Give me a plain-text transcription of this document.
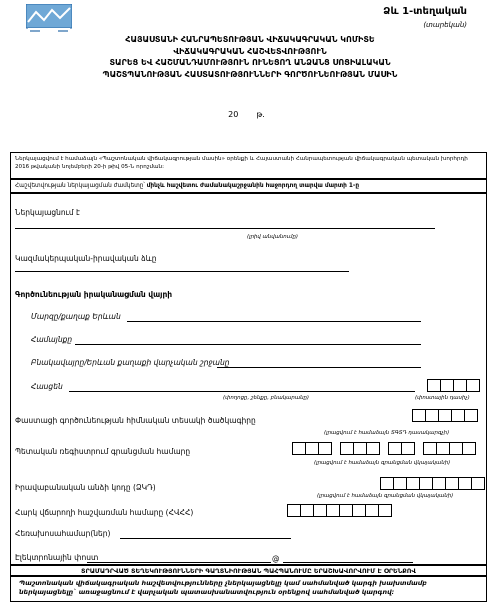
Ձև 1-տեղական
(տարեկան)
ՀԱՅԱՍՏԱՆԻ ՀԱՆՐԱՊԵՏՈՒԹՅԱՆ ՎԻՃԱԿԱԳՐԱԿԱՆ ԿՈՄԻՏԵ
ՎԻՃԱԿԱԳՐԱԿԱՆ ՀԱՇՎԵՏՎՈՒԹՅՈՒՆ
ՏԱՐԵՑ ԵՎ ՀԱՇՄԱՆԴԱՄՈՒԹՅՈՒՆ ՈՒՆԵՑՈՂ ԱՆՁԱՆՑ ՍՈՑԻԱԼԱԿԱՆ
ՊԱՇՏՊԱՆՈՒԹՅԱՆ ՀԱՍՏԱՏՈՒԹՅՈՒՆՆԵՐԻ ԳՈՐԾՈՒՆԵՈՒԹՅԱՆ ՄԱՍԻՆ
20 թ.
Ներկայացվում է համաձայն «Պաշտոնական վիճակագրության մասին» օրենքի և Հայաստանի Հանրապետության վիճակագրական պետական խորհրդի 2016 թվականի նոյեմբերի 20-ի թիվ 05-Ն որոշման:
Հաշվետվության ներկայացման ժամկետը՝ մինչև հաշվետու ժամանակաշրջանին հաջորդող տարվա մարտի 1-ը
Ներկայացնում է
(լրիվ անվանումը)
Կազմակերպական-իրավական ձևը
Գործունեության իրականացման վայրի
Մարզը/քաղաք Երևան
Համայնքը
Բնակավայրը/Երևան քաղաքի վարչական շրջանը
Հասցեն
(փողոցը, շենքը, բնակարանը)	(փոստային դասիչ)
Փաստացի գործունեության հիմնական տեսակի ծածկագիրը
(լրացվում է համաձայն ՏԳՏԴ դասակարգչի)
Պետական ռեգիստրում գրանցման համարը
(լրացվում է համաձայն գրանցման վկայականի)
Իրավաբանական անձի կոդը (ՁԿԴ)
(լրացվում է համաձայն գրանցման վկայականի)
Հարկ վճարողի հաշվառման համարը (ՀՎՀՀ)
Հեռախոսահամար(ներ)
Էլեկտրոնային փոստ	@
ՏՐԱՄԱԴՐՎԱԾ ՏԵՂԵԿՈՒԹՅՈՒՆՆԵՐԻ ԳԱՂՏՆԻՈՒԹՅԱՆ ՊԱՀՊԱՆՈՒՄԸ ԵՐԱՇԽԱՎՈՐՎՈՒՄ Է ՕՐԵՆՔՈՎ
Պաշտոնական վիճակագրական հաշվետվությունները չներկայացնելը կամ սահմանված կարգի խախտմամբ ներկայացնելը` առաջացնում է վարչական պատասխանատվություն օրենքով սահմանված կարգով:
